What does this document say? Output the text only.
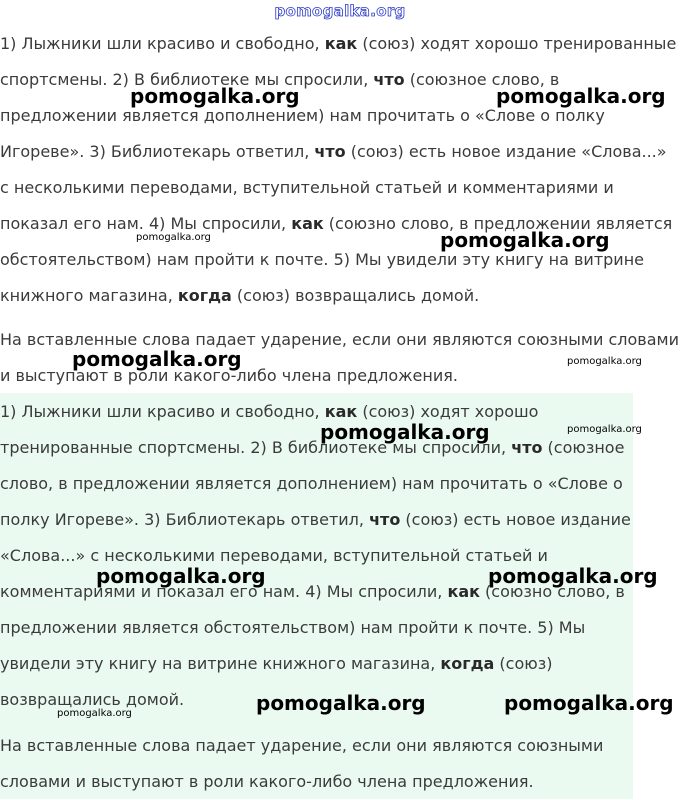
pomogalka.org
1) Лыжники шли красиво и свободно, как (союз) ходят хорошо тренированные спортсмены. 2) В библиотеке мы спросили, что (союзное слово, в предложении является дополнением) нам прочитать о «Слове о полку Игореве». 3) Библиотекарь ответил, что (союз) есть новое издание «Слова...» с несколькими переводами, вступительной статьей и комментариями и показал его нам. 4) Мы спросили, как (союзно слово, в предложении является обстоятельством) нам пройти к почте. 5) Мы увидели эту книгу на витрине книжного магазина, когда (союз) возвращались домой.
На вставленные слова падает ударение, если они являются союзными словами и выступают в роли какого-либо члена предложения.
1) Лыжники шли красиво и свободно, как (союз) ходят хорошо тренированные спортсмены. 2) В библиотеке мы спросили, что (союзное слово, в предложении является дополнением) нам прочитать о «Слове о полку Игореве». 3) Библиотекарь ответил, что (союз) есть новое издание «Слова...» с несколькими переводами, вступительной статьей и комментариями и показал его нам. 4) Мы спросили, как (союзно слово, в предложении является обстоятельством) нам пройти к почте. 5) Мы увидели эту книгу на витрине книжного магазина, когда (союз) возвращались домой.
На вставленные слова падает ударение, если они являются союзными словами и выступают в роли какого-либо члена предложения.
pomogalka.org	pomogalka.org
pomogalka.org	pomogalka.org
pomogalka.org	pomogalka.org
pomogalka.org	pomogalka.org
pomogalka.org	pomogalka.org
pomogalka.org	pomogalka.org
pomogalka.org
